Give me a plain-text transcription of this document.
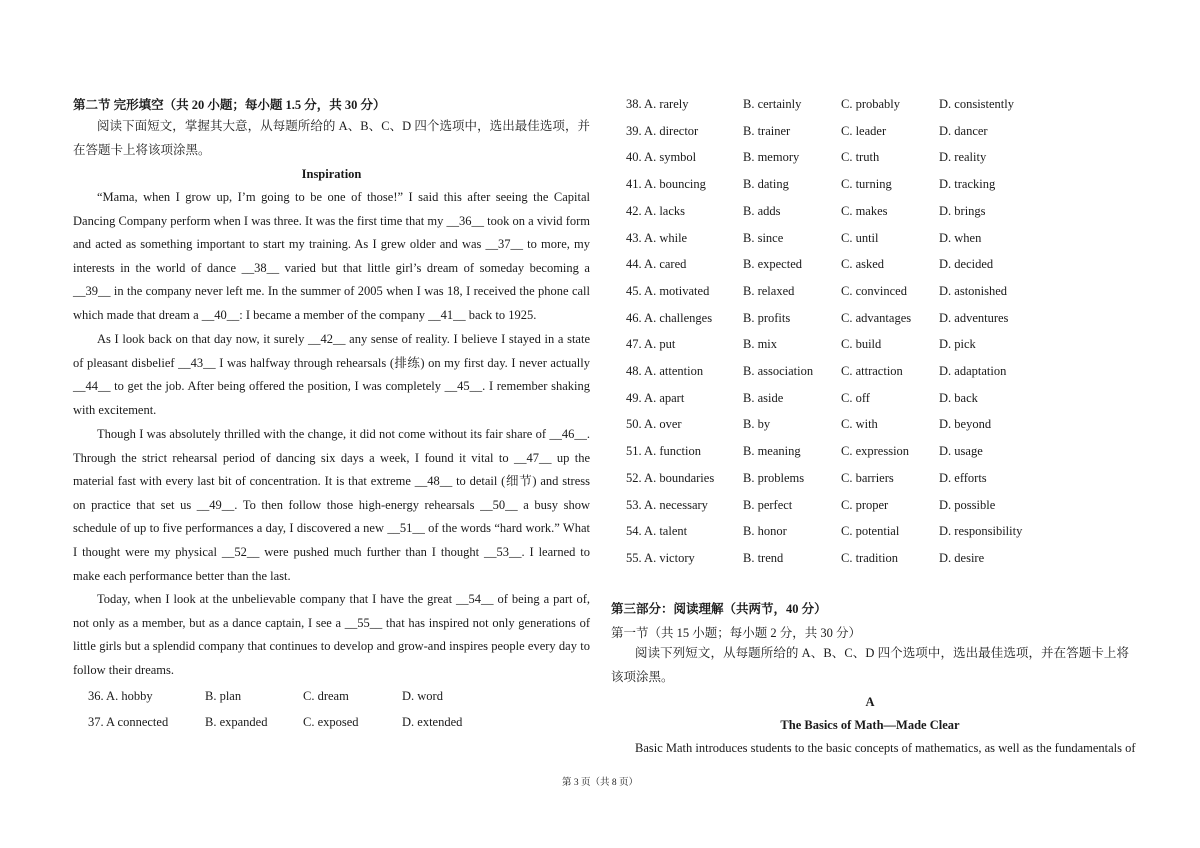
第二节 完形填空（共 20 小题；每小题 1.5 分，共 30 分）
阅读下面短文，掌握其大意，从每题所给的 A、B、C、D 四个选项中，选出最佳选项，并在答题卡上将该项涂黑。
Inspiration
“Mama, when I grow up, I’m going to be one of those!” I said this after seeing the Capital Dancing Company perform when I was three. It was the first time that my __36__ took on a vivid form and acted as something important to start my training. As I grew older and was __37__ to more, my interests in the world of dance __38__ varied but that little girl’s dream of someday becoming a __39__ in the company never left me. In the summer of 2005 when I was 18, I received the phone call which made that dream a __40__: I became a member of the company __41__ back to 1925.
As I look back on that day now, it surely __42__ any sense of reality. I believe I stayed in a state of pleasant disbelief __43__ I was halfway through rehearsals (排练) on my first day. I never actually __44__ to get the job. After being offered the position, I was completely __45__. I remember shaking with excitement.
Though I was absolutely thrilled with the change, it did not come without its fair share of __46__. Through the strict rehearsal period of dancing six days a week, I found it vital to __47__ up the material fast with every last bit of concentration. It is that extreme __48__ to detail (细节) and stress on practice that set us __49__. To then follow those high-energy rehearsals __50__ a busy show schedule of up to five performances a day, I discovered a new __51__ of the words “hard work.” What I thought were my physical __52__ were pushed much further than I thought __53__. I learned to make each performance better than the last.
Today, when I look at the unbelievable company that I have the great __54__ of being a part of, not only as a member, but as a dance captain, I see a __55__ that has inspired not only generations of little girls but a splendid company that continues to develop and grow-and inspires people every day to follow their dreams.
36. A. hobby	B. plan	C. dream	D. word
37. A connected	B. expanded	C. exposed	D. extended
38. A. rarely	B. certainly	C. probably	D. consistently
39. A. director	B. trainer	C. leader	D. dancer
40. A. symbol	B. memory	C. truth	D. reality
41. A. bouncing	B. dating	C. turning	D. tracking
42. A. lacks	B. adds	C. makes	D. brings
43. A. while	B. since	C. until	D. when
44. A. cared	B. expected	C. asked	D. decided
45. A. motivated	B. relaxed	C. convinced	D. astonished
46. A. challenges B. profits	C. advantages D. adventures
47. A. put	B. mix	C. build	D. pick
48. A. attention	B. association C. attraction	D. adaptation
49. A. apart	B. aside	C. off	D. back
50. A. over	B. by	C. with	D. beyond
51. A. function	B. meaning	C. expression D. usage
52. A. boundaries B. problems	C. barriers	D. efforts
53. A. necessary	B. perfect	C. proper	D. possible
54. A. talent	B. honor	C. potential	D. responsibility
55. A. victory	B. trend	C. tradition	D. desire
第三部分：阅读理解（共两节，40 分）
第一节（共 15 小题；每小题 2 分，共 30 分）
阅读下列短文，从每题所给的 A、B、C、D 四个选项中，选出最佳选项，并在答题卡上将该项涂黑。
A
The Basics of Math—Made Clear
Basic Math introduces students to the basic concepts of mathematics, as well as the fundamentals of
第 3 页（共 8 页）
